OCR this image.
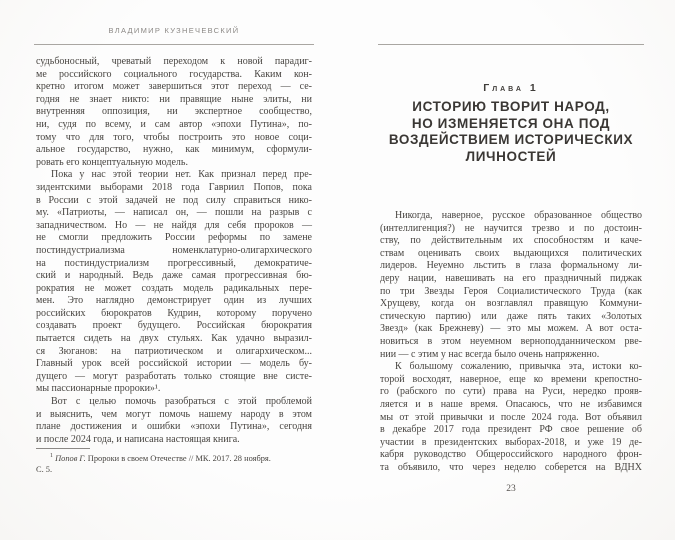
ВЛАДИМИР КУЗНЕЧЕВСКИЙ
судьбоносный, чреватый переходом к новой парадиг-
ме российского социального государства. Каким кон-
кретно итогом может завершиться этот переход — се-
годня не знает никто: ни правящие ныне элиты, ни
внутренняя оппозиция, ни экспертное сообщество,
ни, судя по всему, и сам автор «эпохи Путина», по-
тому что для того, чтобы построить это новое соци-
альное государство, нужно, как минимум, сформули-
ровать его концептуальную модель.
Пока у нас этой теории нет. Как признал перед пре-
зидентскими выборами 2018 года Гавриил Попов, пока
в России с этой задачей не под силу справиться нико-
му. «Патриоты, — написал он, — пошли на разрыв с
западничеством. Но — не найдя для себя пророков —
не смогли предложить России реформы по замене
постиндустриализма номенклатурно-олигархического
на постиндустриализм прогрессивный, демократиче-
ский и народный. Ведь даже самая прогрессивная бю-
рократия не может создать модель радикальных пере-
мен. Это наглядно демонстрирует один из лучших
российских бюрократов Кудрин, которому поручено
создавать проект будущего. Российская бюрократия
пытается сидеть на двух стульях. Как удачно выразил-
ся Зюганов: на патриотическом и олигархическом...
Главный урок всей российской истории — модель бу-
дущего — могут разработать только стоящие вне систе-
мы пассионарные пророки»¹.
Вот с целью помочь разобраться с этой проблемой
и выяснить, чем могут помочь нашему народу в этом
плане достижения и ошибки «эпохи Путина», сегодня
и после 2024 года, и написана настоящая книга.

$^1$ Попов Г. Пророки в своем Отечестве // МК. 2017. 28 ноября.
С. 5.

Глава 1
ИСТОРИЮ ТВОРИТ НАРОД,
НО ИЗМЕНЯЕТСЯ ОНА ПОД
ВОЗДЕЙСТВИЕМ ИСТОРИЧЕСКИХ
ЛИЧНОСТЕЙ
Никогда, наверное, русское образованное общество
(интеллигенция?) не научится трезво и по достоин-
ству, по действительным их способностям и каче-
ствам оценивать своих выдающихся политических
лидеров. Неуемно льстить в глаза формальному ли-
деру нации, навешивать на его праздничный пиджак
по три Звезды Героя Социалистического Труда (как
Хрущеву, когда он возглавлял правящую Коммуни-
стическую партию) или даже пять таких «Золотых
Звезд» (как Брежневу) — это мы можем. А вот оста-
новиться в этом неуемном верноподданническом рве-
нии — с этим у нас всегда было очень напряженно.
К большому сожалению, привычка эта, истоки ко-
торой восходят, наверное, еще ко времени крепостно-
го (рабского по сути) права на Руси, нередко прояв-
ляется и в наше время. Опасаюсь, что не избавимся
мы от этой привычки и после 2024 года. Вот объявил
в декабре 2017 года президент РФ свое решение об
участии в президентских выборах-2018, и уже 19 де-
кабря руководство Общероссийского народного фрон-
та объявило, что через неделю соберется на ВДНХ
23
